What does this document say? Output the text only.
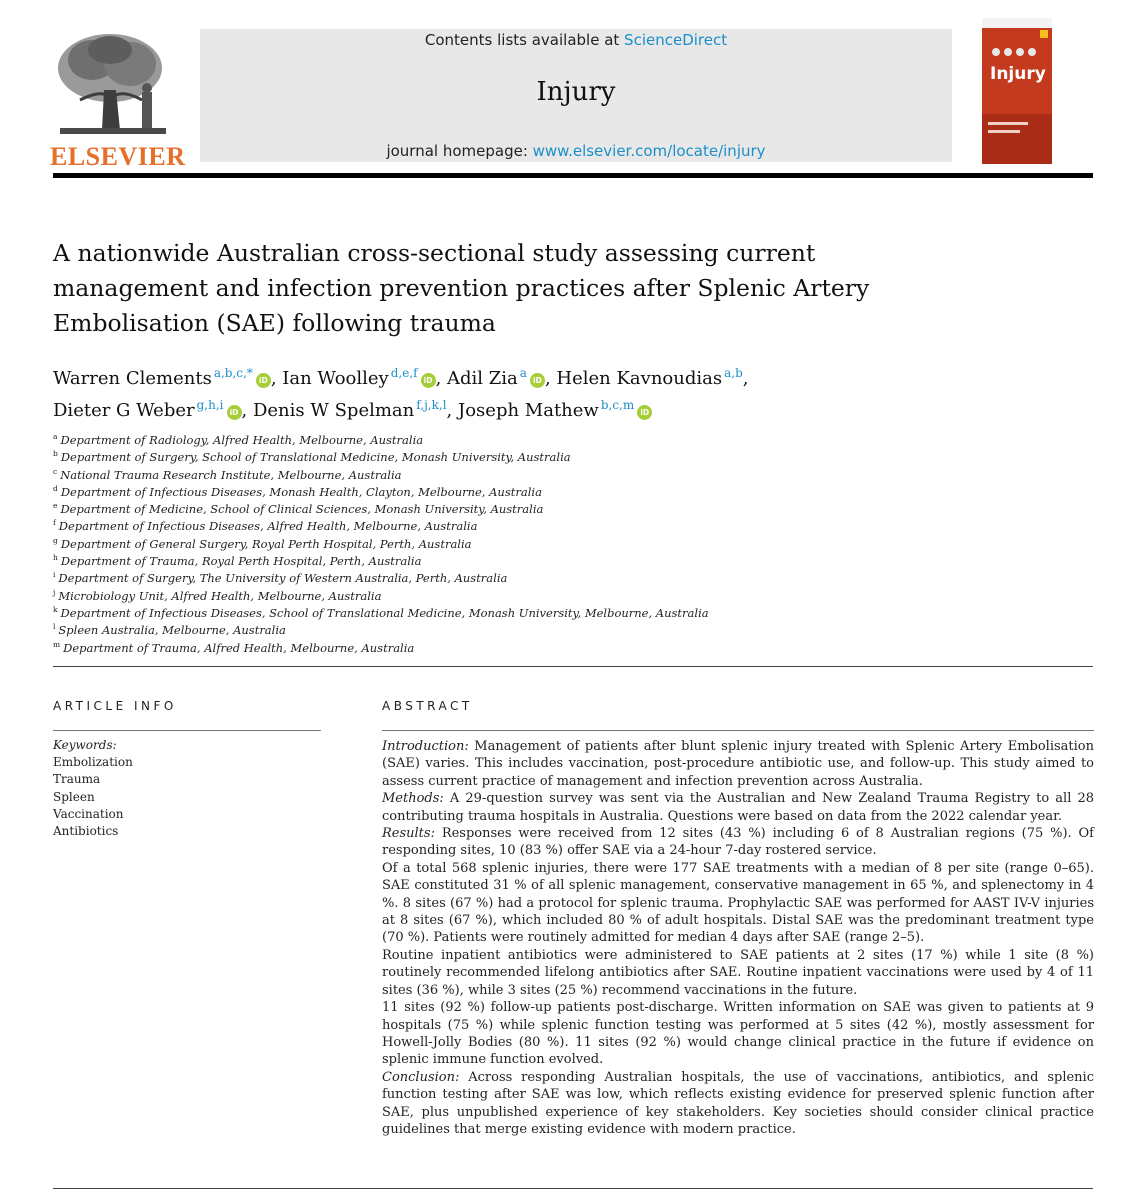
ELSEVIER
Contents lists available at ScienceDirect
Injury
journal homepage: www.elsevier.com/locate/injury
Injury
A nationwide Australian cross-sectional study assessing current management and infection prevention practices after Splenic Artery Embolisation (SAE) following trauma
Warren Clements $^{a,b,c,*}$iD , Ian Woolley $^{d,e,f}$iD , Adil Zia $^a$iD , Helen Kavnoudias $^{a,b}$,
Dieter G Weber $^{g,h,i}$iD , Denis W Spelman $^{f,j,k,l}$, Joseph Mathew $^{b,c,m}$iD
$^a$ Department of Radiology, Alfred Health, Melbourne, Australia
$^b$ Department of Surgery, School of Translational Medicine, Monash University, Australia
$^c$ National Trauma Research Institute, Melbourne, Australia
$^d$ Department of Infectious Diseases, Monash Health, Clayton, Melbourne, Australia
$^e$ Department of Medicine, School of Clinical Sciences, Monash University, Australia
$^f$ Department of Infectious Diseases, Alfred Health, Melbourne, Australia
$^g$ Department of General Surgery, Royal Perth Hospital, Perth, Australia
$^h$ Department of Trauma, Royal Perth Hospital, Perth, Australia
$^i$ Department of Surgery, The University of Western Australia, Perth, Australia
$^j$ Microbiology Unit, Alfred Health, Melbourne, Australia
$^k$ Department of Infectious Diseases, School of Translational Medicine, Monash University, Melbourne, Australia
$^l$ Spleen Australia, Melbourne, Australia
$^m$ Department of Trauma, Alfred Health, Melbourne, Australia
ARTICLE INFO	ABSTRACT
Keywords:
Embolization
Trauma
Spleen
Vaccination
Antibiotics

Introduction: Management of patients after blunt splenic injury treated with Splenic Artery Embolisation (SAE) varies. This includes vaccination, post-procedure antibiotic use, and follow-up. This study aimed to assess current practice of management and infection prevention across Australia.

Methods: A 29-question survey was sent via the Australian and New Zealand Trauma Registry to all 28 contributing trauma hospitals in Australia. Questions were based on data from the 2022 calendar year.

Results: Responses were received from 12 sites (43 %) including 6 of 8 Australian regions (75 %). Of responding sites, 10 (83 %) offer SAE via a 24-hour 7-day rostered service.

Of a total 568 splenic injuries, there were 177 SAE treatments with a median of 8 per site (range 0–65). SAE constituted 31 % of all splenic management, conservative management in 65 %, and splenectomy in 4 %. 8 sites (67 %) had a protocol for splenic trauma. Prophylactic SAE was performed for AAST IV-V injuries at 8 sites (67 %), which included 80 % of adult hospitals. Distal SAE was the predominant treatment type (70 %). Patients were routinely admitted for median 4 days after SAE (range 2–5).

Routine inpatient antibiotics were administered to SAE patients at 2 sites (17 %) while 1 site (8 %) routinely recommended lifelong antibiotics after SAE. Routine inpatient vaccinations were used by 4 of 11 sites (36 %), while 3 sites (25 %) recommend vaccinations in the future.

11 sites (92 %) follow-up patients post-discharge. Written information on SAE was given to patients at 9 hospitals (75 %) while splenic function testing was performed at 5 sites (42 %), mostly assessment for Howell-Jolly Bodies (80 %). 11 sites (92 %) would change clinical practice in the future if evidence on splenic immune function evolved.

Conclusion: Across responding Australian hospitals, the use of vaccinations, antibiotics, and splenic function testing after SAE was low, which reflects existing evidence for preserved splenic function after SAE, plus unpublished experience of key stakeholders. Key societies should consider clinical practice guidelines that merge existing evidence with modern practice.
